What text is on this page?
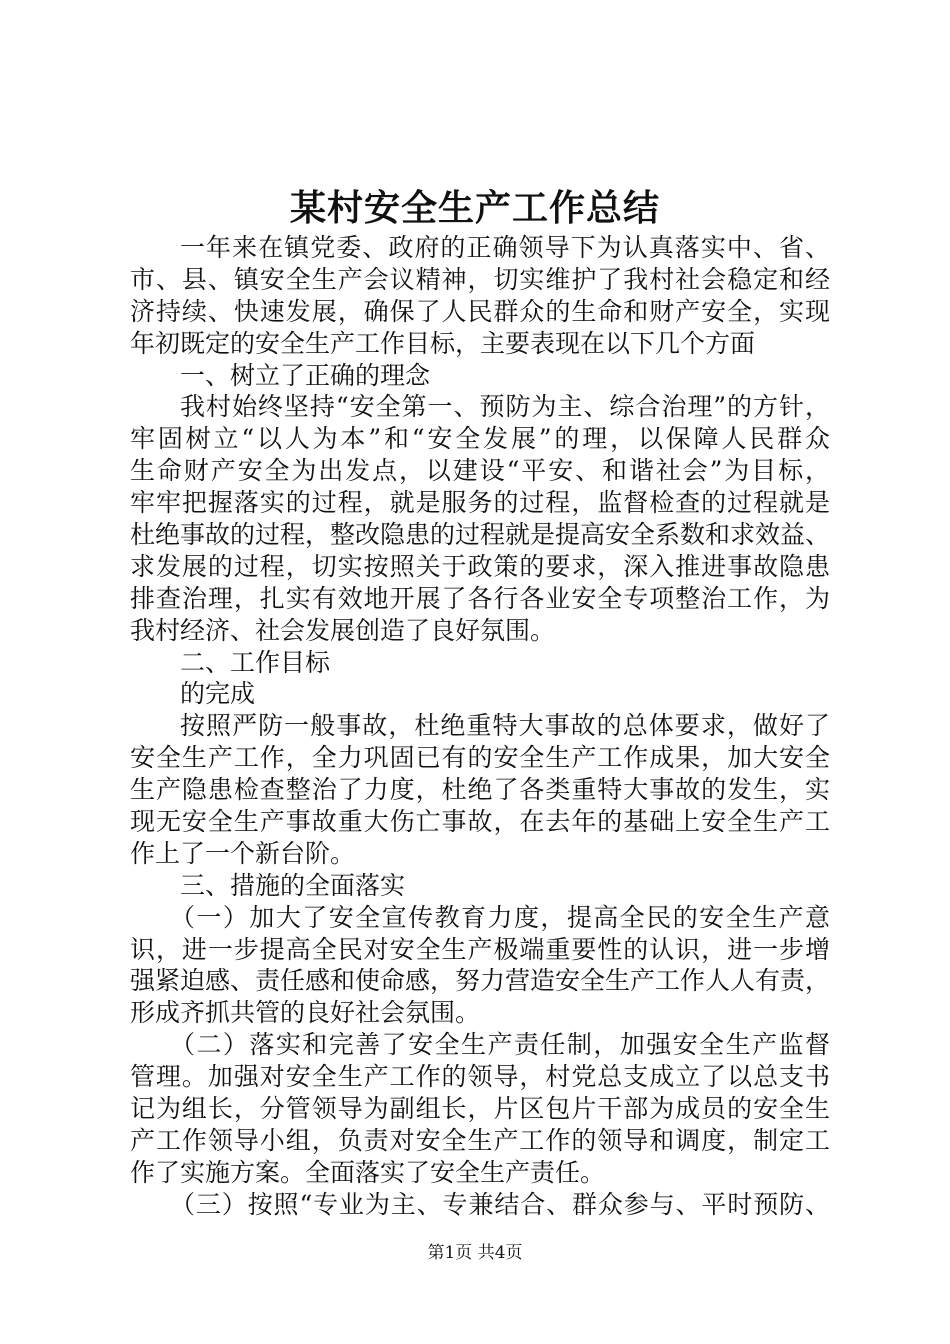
某村安全生产工作总结
一年来在镇党委、政府的正确领导下为认真落实中、省、
市、县、镇安全生产会议精神，切实维护了我村社会稳定和经
济持续、快速发展，确保了人民群众的生命和财产安全，实现
年初既定的安全生产工作目标，主要表现在以下几个方面
一、树立了正确的理念
我村始终坚持“安全第一、预防为主、综合治理”的方针，
牢固树立“以人为本”和“安全发展”的理，以保障人民群众
生命财产安全为出发点，以建设“平安、和谐社会”为目标，
牢牢把握落实的过程，就是服务的过程，监督检查的过程就是
杜绝事故的过程，整改隐患的过程就是提高安全系数和求效益、
求发展的过程，切实按照关于政策的要求，深入推进事故隐患
排查治理，扎实有效地开展了各行各业安全专项整治工作，为
我村经济、社会发展创造了良好氛围。
二、工作目标
的完成
按照严防一般事故，杜绝重特大事故的总体要求，做好了
安全生产工作，全力巩固已有的安全生产工作成果，加大安全
生产隐患检查整治了力度，杜绝了各类重特大事故的发生，实
现无安全生产事故重大伤亡事故，在去年的基础上安全生产工
作上了一个新台阶。
三、措施的全面落实
（一）加大了安全宣传教育力度，提高全民的安全生产意
识，进一步提高全民对安全生产极端重要性的认识，进一步增
强紧迫感、责任感和使命感，努力营造安全生产工作人人有责，
形成齐抓共管的良好社会氛围。
（二）落实和完善了安全生产责任制，加强安全生产监督
管理。加强对安全生产工作的领导，村党总支成立了以总支书
记为组长，分管领导为副组长，片区包片干部为成员的安全生
产工作领导小组，负责对安全生产工作的领导和调度，制定工
作了实施方案。全面落实了安全生产责任。
（三）按照“专业为主、专兼结合、群众参与、平时预防、
第1页 共4页
